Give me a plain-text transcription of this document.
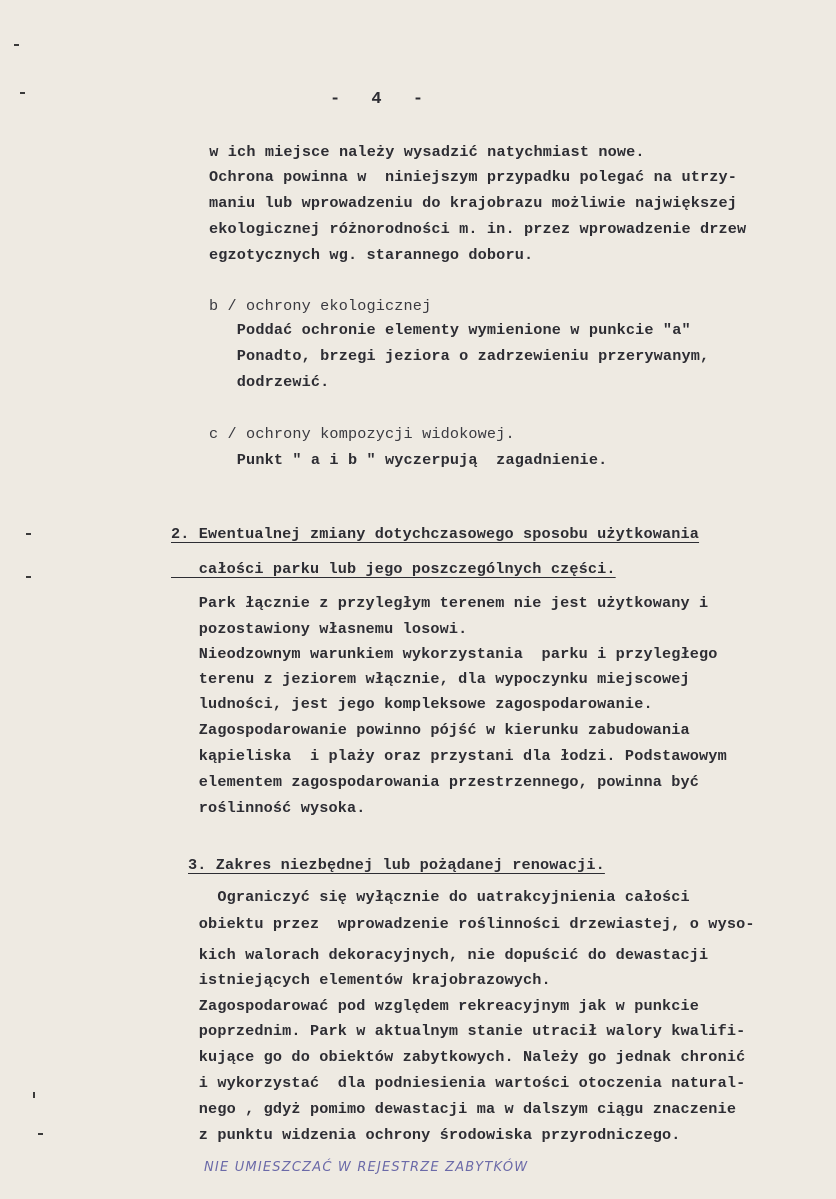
-   4   -
w ich miejsce należy wysadzić natychmiast nowe.
Ochrona powinna w  niniejszym przypadku polegać na utrzy-
maniu lub wprowadzeniu do krajobrazu możliwie największej
ekologicznej różnorodności m. in. przez wprowadzenie drzew
egzotycznych wg. starannego doboru.
b / ochrony ekologicznej
Poddać ochronie elementy wymienione w punkcie "a"
Ponadto, brzegi jeziora o zadrzewieniu przerywanym,
dodrzewić.
c / ochrony kompozycji widokowej.
Punkt " a i b " wyczerpują  zagadnienie.
2. Ewentualnej zmiany dotychczasowego sposobu użytkowania
całości parku lub jego poszczególnych części.
Park łącznie z przyległym terenem nie jest użytkowany i
pozostawiony własnemu losowi.
Nieodzownym warunkiem wykorzystania  parku i przyległego
terenu z jeziorem włącznie, dla wypoczynku miejscowej
ludności, jest jego kompleksowe zagospodarowanie.
Zagospodarowanie powinno pójść w kierunku zabudowania
kąpieliska  i plaży oraz przystani dla łodzi. Podstawowym
elementem zagospodarowania przestrzennego, powinna być
roślinność wysoka.
3. Zakres niezbędnej lub pożądanej renowacji.
Ograniczyć się wyłącznie do uatrakcyjnienia całości
obiektu przez  wprowadzenie roślinności drzewiastej, o wyso-
kich walorach dekoracyjnych, nie dopuścić do dewastacji
istniejących elementów krajobrazowych.
Zagospodarować pod względem rekreacyjnym jak w punkcie
poprzednim. Park w aktualnym stanie utracił walory kwalifi-
kujące go do obiektów zabytkowych. Należy go jednak chronić
i wykorzystać  dla podniesienia wartości otoczenia natural-
nego , gdyż pomimo dewastacji ma w dalszym ciągu znaczenie
z punktu widzenia ochrony środowiska przyrodniczego.
NIE UMIESZCZAĆ W REJESTRZE ZABYTKÓW
